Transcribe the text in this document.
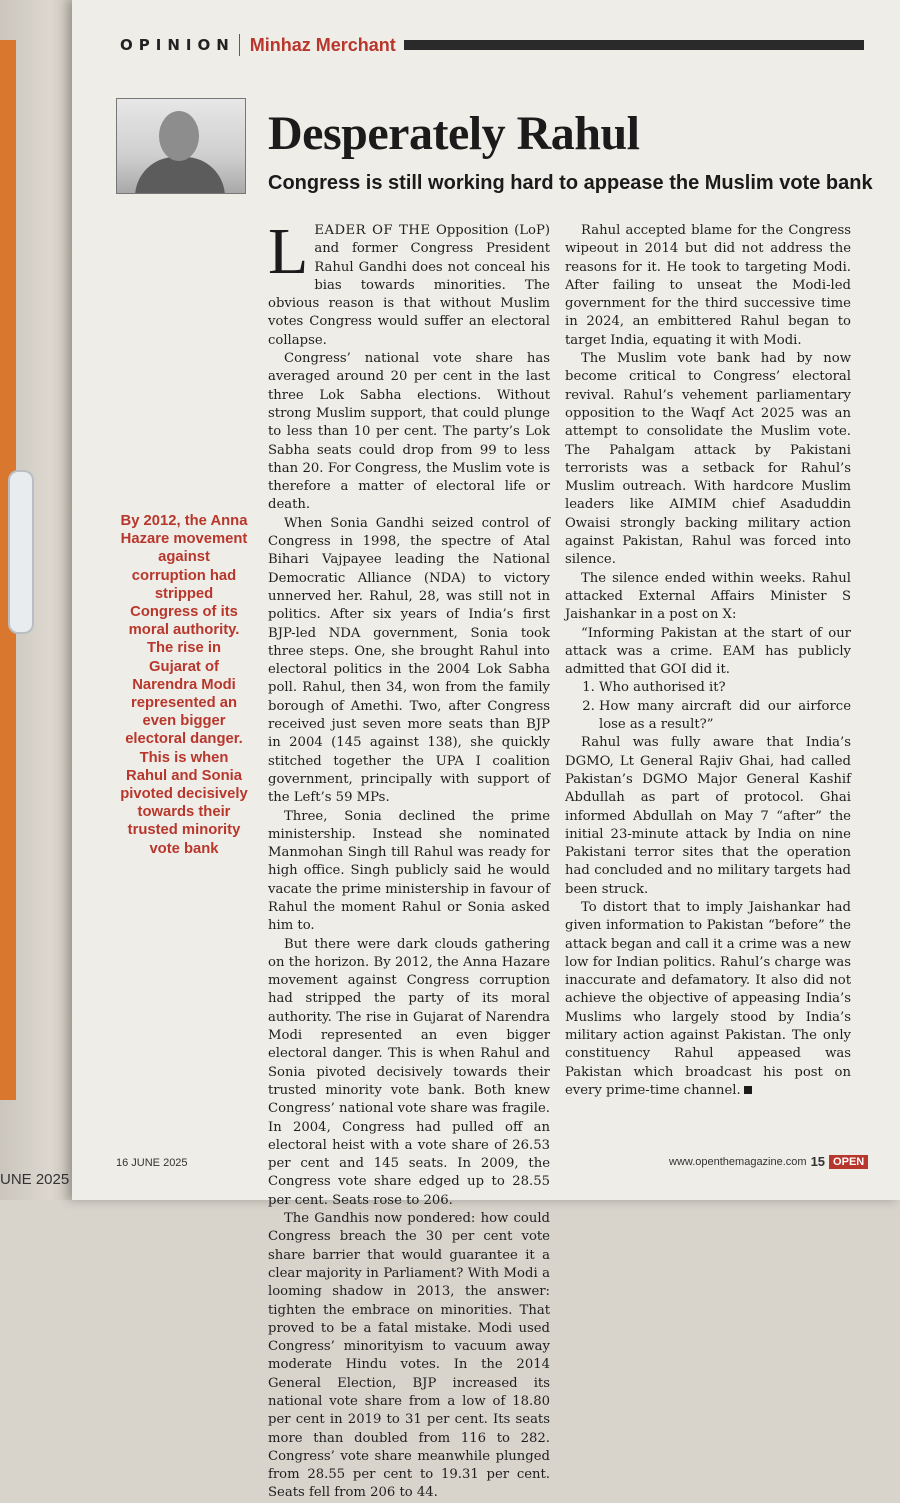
UNE 2025
OPINION Minhaz Merchant
Desperately Rahul
Congress is still working hard to appease the Muslim vote bank
By 2012, the Anna Hazare movement against corruption had stripped Congress of its moral authority. The rise in Gujarat of Narendra Modi represented an even bigger electoral danger. This is when Rahul and Sonia pivoted decisively towards their trusted minority vote bank

LEADER OF THE Opposition (LoP) and former Congress President Rahul Gandhi does not conceal his bias towards minorities. The obvious reason is that without Muslim votes Congress would suffer an electoral collapse.

Congress’ national vote share has averaged around 20 per cent in the last three Lok Sabha elections. Without strong Muslim support, that could plunge to less than 10 per cent. The party’s Lok Sabha seats could drop from 99 to less than 20. For Congress, the Muslim vote is therefore a matter of electoral life or death.

When Sonia Gandhi seized control of Congress in 1998, the spectre of Atal Bihari Vajpayee leading the National Democratic Alliance (NDA) to victory unnerved her. Rahul, 28, was still not in politics. After six years of India’s first BJP-led NDA government, Sonia took three steps. One, she brought Rahul into electoral politics in the 2004 Lok Sabha poll. Rahul, then 34, won from the family borough of Amethi. Two, after Congress received just seven more seats than BJP in 2004 (145 against 138), she quickly stitched together the UPA I coalition government, principally with support of the Left’s 59 MPs.

Three, Sonia declined the prime ministership. Instead she nominated Manmohan Singh till Rahul was ready for high office. Singh publicly said he would vacate the prime ministership in favour of Rahul the moment Rahul or Sonia asked him to.

But there were dark clouds gathering on the horizon. By 2012, the Anna Hazare movement against Congress corruption had stripped the party of its moral authority. The rise in Gujarat of Narendra Modi represented an even bigger electoral danger. This is when Rahul and Sonia pivoted decisively towards their trusted minority vote bank. Both knew Congress’ national vote share was fragile. In 2004, Congress had pulled off an electoral heist with a vote share of 26.53 per cent and 145 seats. In 2009, the Congress vote share edged up to 28.55 per cent. Seats rose to 206.

The Gandhis now pondered: how could Congress breach the 30 per cent vote share barrier that would guarantee it a clear majority in Parliament? With Modi a looming shadow in 2013, the answer: tighten the embrace on minorities. That proved to be a fatal mistake. Modi used Congress’ minorityism to vacuum away moderate Hindu votes. In the 2014 General Election, BJP increased its national vote share from a low of 18.80 per cent in 2019 to 31 per cent. Its seats more than doubled from 116 to 282. Congress’ vote share meanwhile plunged from 28.55 per cent to 19.31 per cent. Seats fell from 206 to 44.

Rahul accepted blame for the Congress wipeout in 2014 but did not address the reasons for it. He took to targeting Modi. After failing to unseat the Modi-led government for the third successive time in 2024, an embittered Rahul began to target India, equating it with Modi.

The Muslim vote bank had by now become critical to Congress’ electoral revival. Rahul’s vehement parliamentary opposition to the Waqf Act 2025 was an attempt to consolidate the Muslim vote. The Pahalgam attack by Pakistani terrorists was a setback for Rahul’s Muslim outreach. With hardcore Muslim leaders like AIMIM chief Asaduddin Owaisi strongly backing military action against Pakistan, Rahul was forced into silence.

The silence ended within weeks. Rahul attacked External Affairs Minister S Jaishankar in a post on X:

“Informing Pakistan at the start of our attack was a crime. EAM has publicly admitted that GOI did it.

1. Who authorised it?
2. How many aircraft did our airforce lose as a result?”

Rahul was fully aware that India’s DGMO, Lt General Rajiv Ghai, had called Pakistan’s DGMO Major General Kashif Abdullah as part of protocol. Ghai informed Abdullah on May 7 “after” the initial 23-minute attack by India on nine Pakistani terror sites that the operation had concluded and no military targets had been struck.

To distort that to imply Jaishankar had given information to Pakistan “before” the attack began and call it a crime was a new low for Indian politics. Rahul’s charge was inaccurate and defamatory. It also did not achieve the objective of appeasing India’s Muslims who largely stood by India’s military action against Pakistan. The only constituency Rahul appeased was Pakistan which broadcast his post on every prime-time channel.

16 JUNE 2025	www.openthemagazine.com 15 OPEN
